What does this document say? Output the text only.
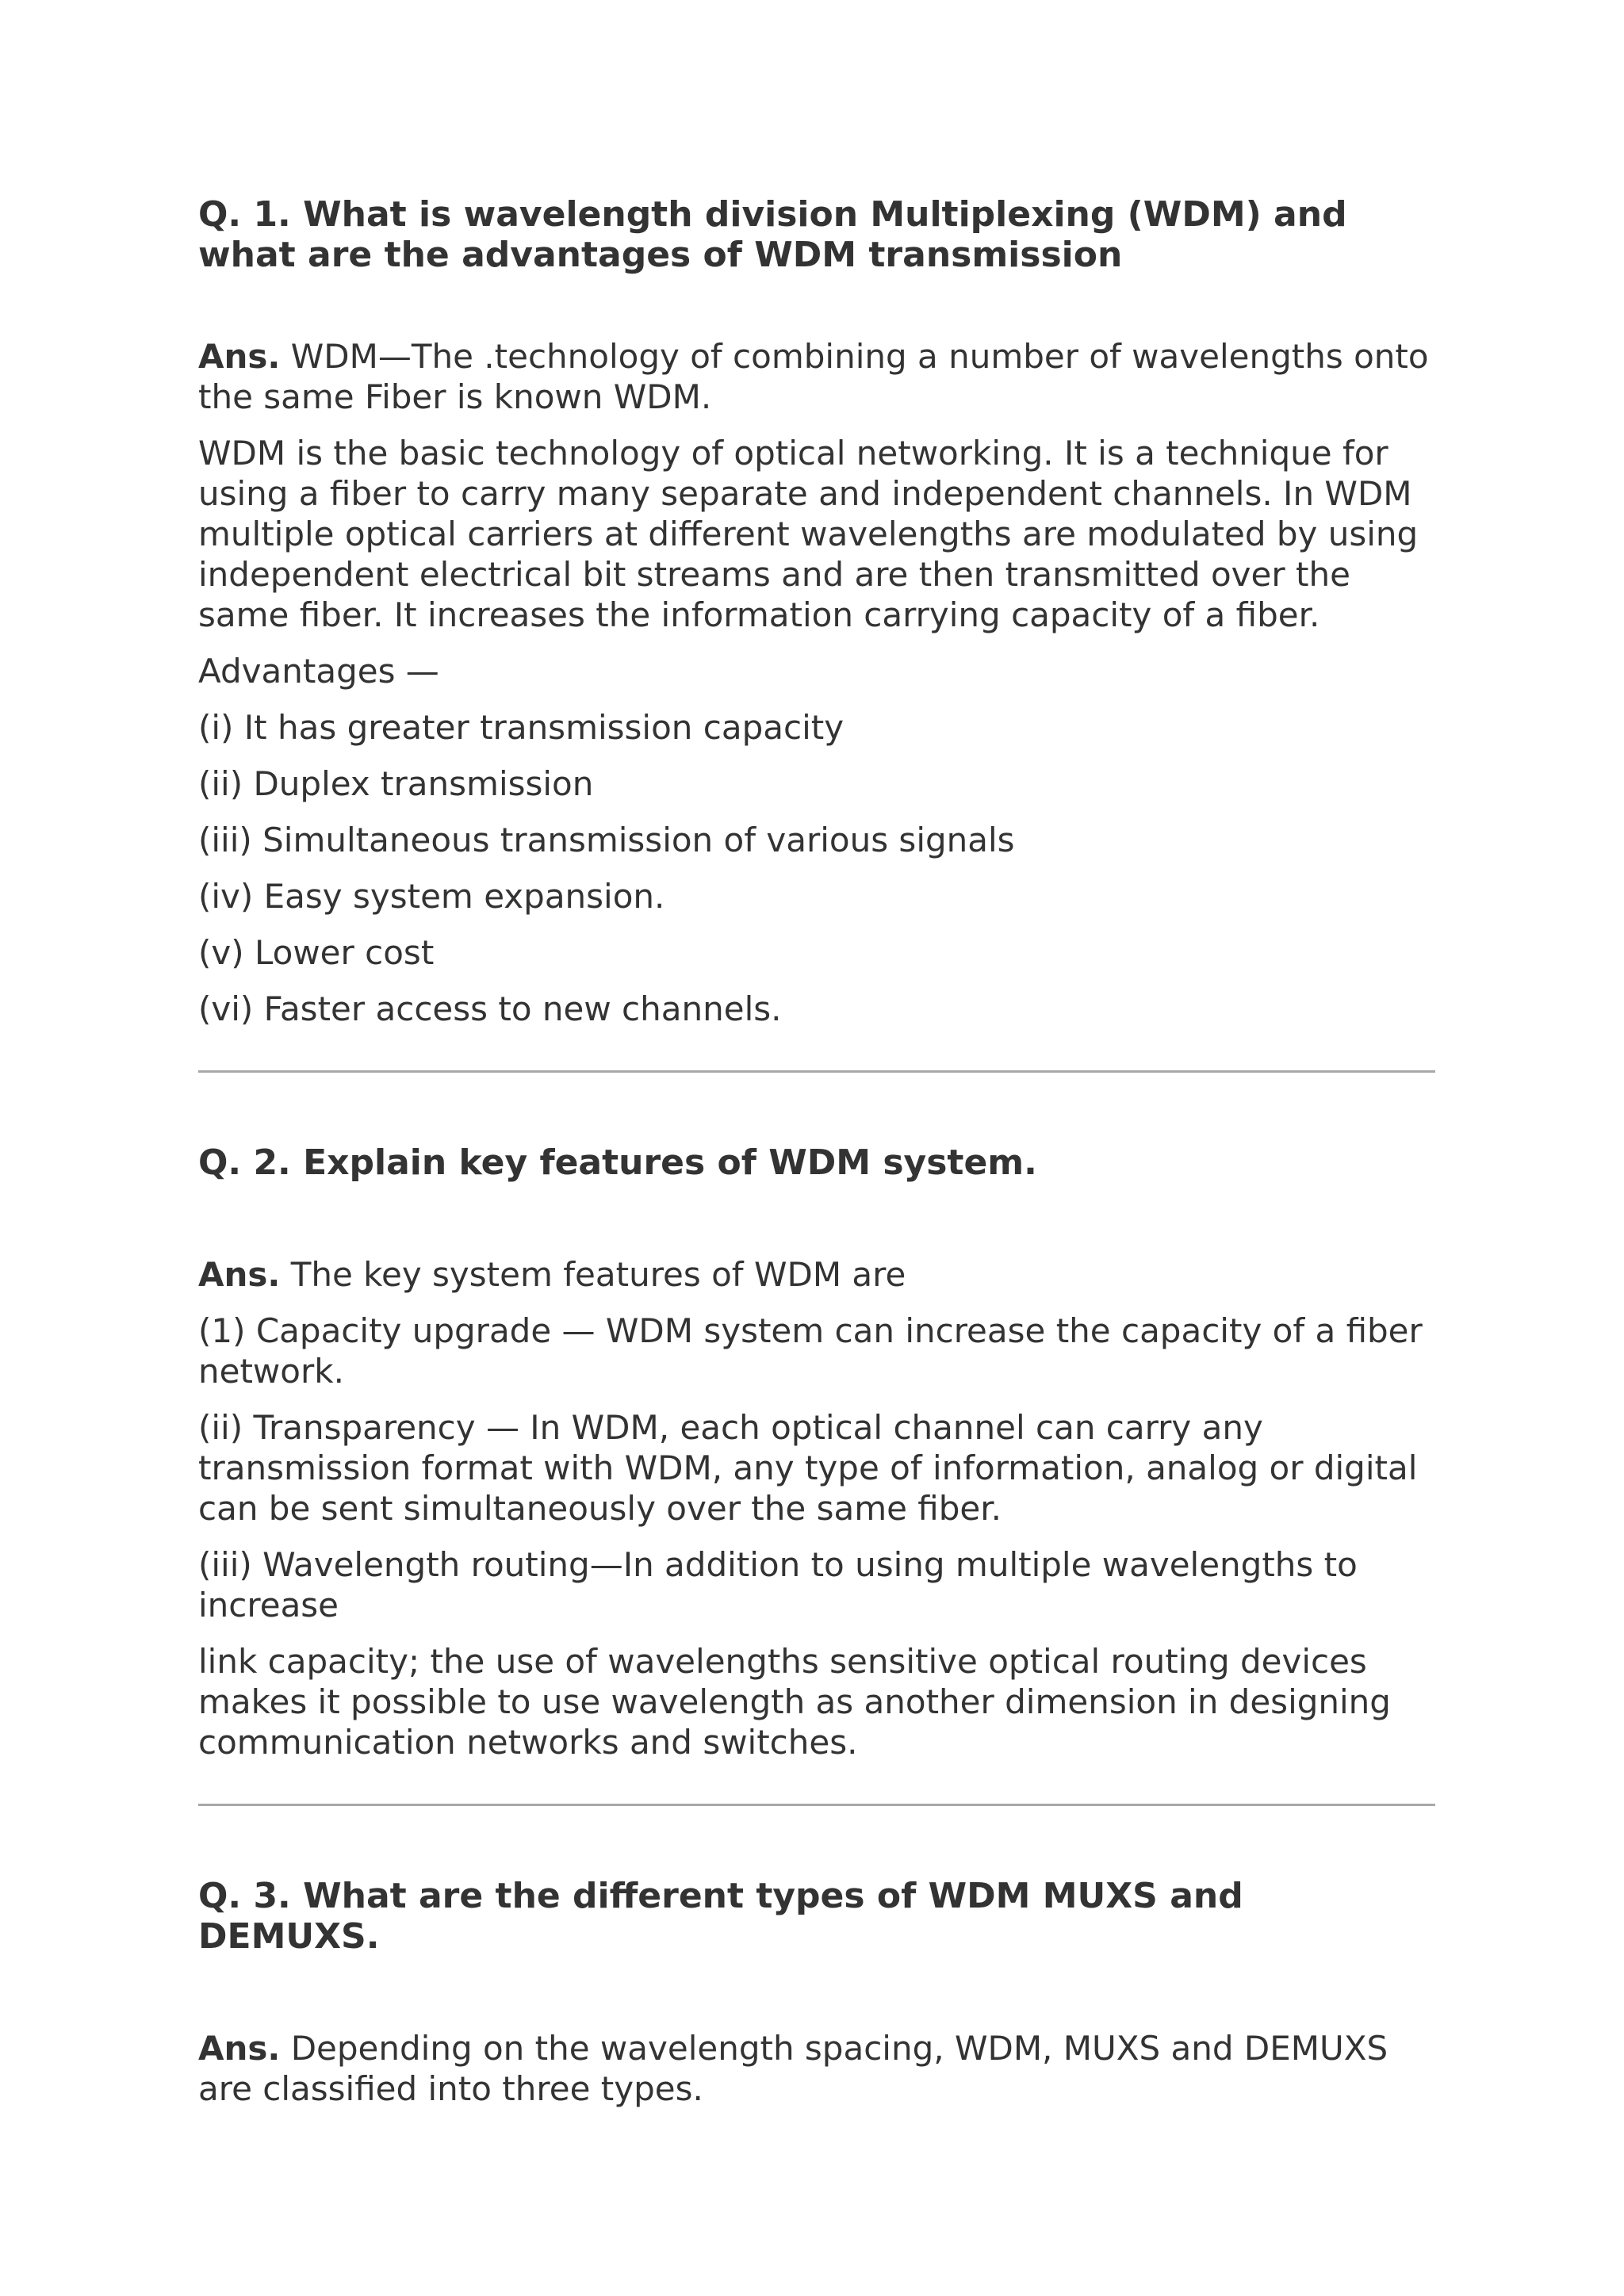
Q. 1. What is wavelength division Multiplexing (WDM) and what are the advantages of WDM transmission

Ans. WDM—The .technology of combining a number of wavelengths onto the same Fiber is known WDM.

WDM is the basic technology of optical networking. It is a technique for using a fiber to carry many separate and independent channels. In WDM multiple optical carriers at different wavelengths are modulated by using independent electrical bit streams and are then transmitted over the same fiber. It increases the information carrying capacity of a fiber.

Advantages —

(i) It has greater transmission capacity

(ii) Duplex transmission

(iii) Simultaneous transmission of various signals

(iv) Easy system expansion.

(v) Lower cost

(vi) Faster access to new channels.

Q. 2. Explain key features of WDM system.

Ans. The key system features of WDM are

(1) Capacity upgrade — WDM system can increase the capacity of a fiber network.

(ii) Transparency — In WDM, each optical channel can carry any transmission format with WDM, any type of information, analog or digital can be sent simultaneously over the same fiber.

(iii) Wavelength routing—In addition to using multiple wavelengths to increase

link capacity; the use of wavelengths sensitive optical routing devices makes it possible to use wavelength as another dimension in designing communication networks and switches.

Q. 3. What are the different types of WDM MUXS and DEMUXS.

Ans. Depending on the wavelength spacing, WDM, MUXS and DEMUXS are classified into three types.
